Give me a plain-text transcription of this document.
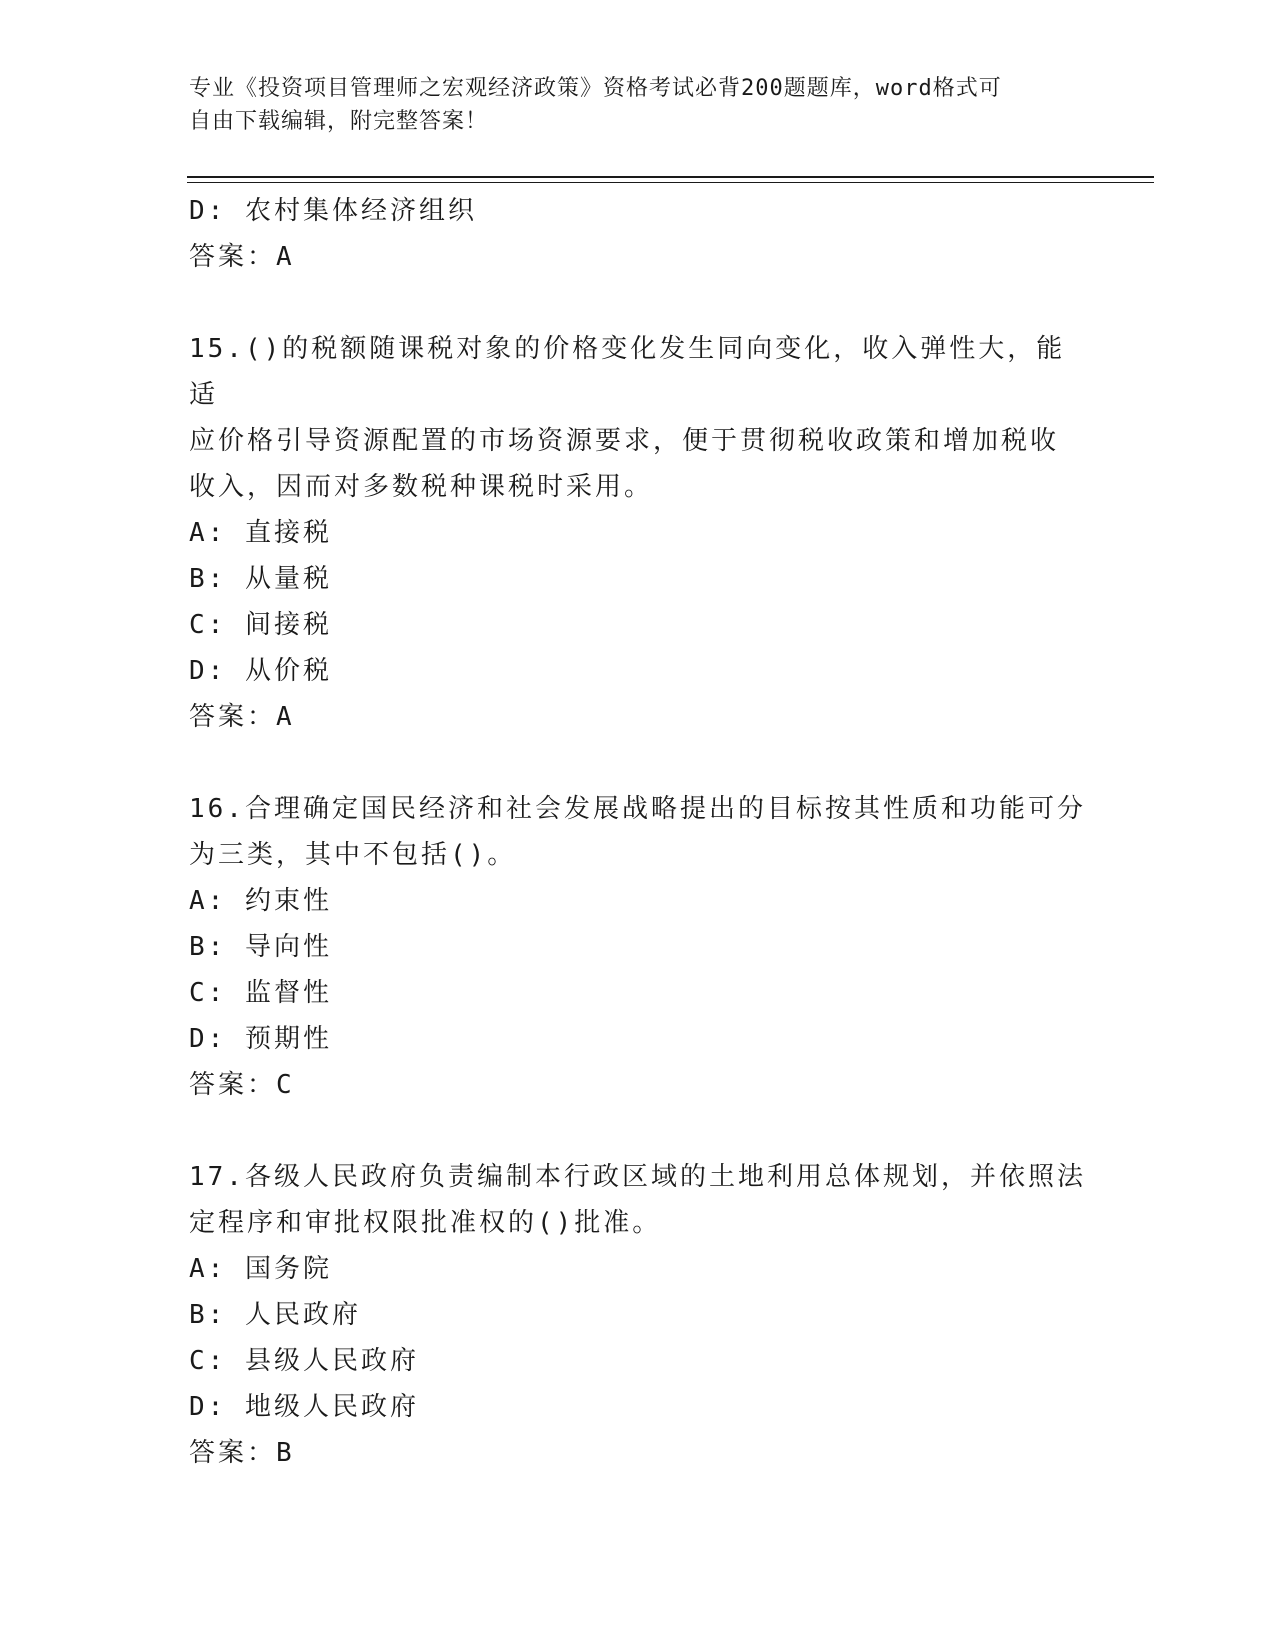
专业《投资项目管理师之宏观经济政策》资格考试必背200题题库，word格式可
自由下载编辑，附完整答案！

D: 农村集体经济组织

答案：A

15.()的税额随课税对象的价格变化发生同向变化，收入弹性大，能适

应价格引导资源配置的市场资源要求，便于贯彻税收政策和增加税收

收入，因而对多数税种课税时采用。

A: 直接税

B: 从量税

C: 间接税

D: 从价税

答案：A

16.合理确定国民经济和社会发展战略提出的目标按其性质和功能可分

为三类，其中不包括()。

A: 约束性

B: 导向性

C: 监督性

D: 预期性

答案：C

17.各级人民政府负责编制本行政区域的土地利用总体规划，并依照法

定程序和审批权限批准权的()批准。

A: 国务院

B: 人民政府

C: 县级人民政府

D: 地级人民政府

答案：B
